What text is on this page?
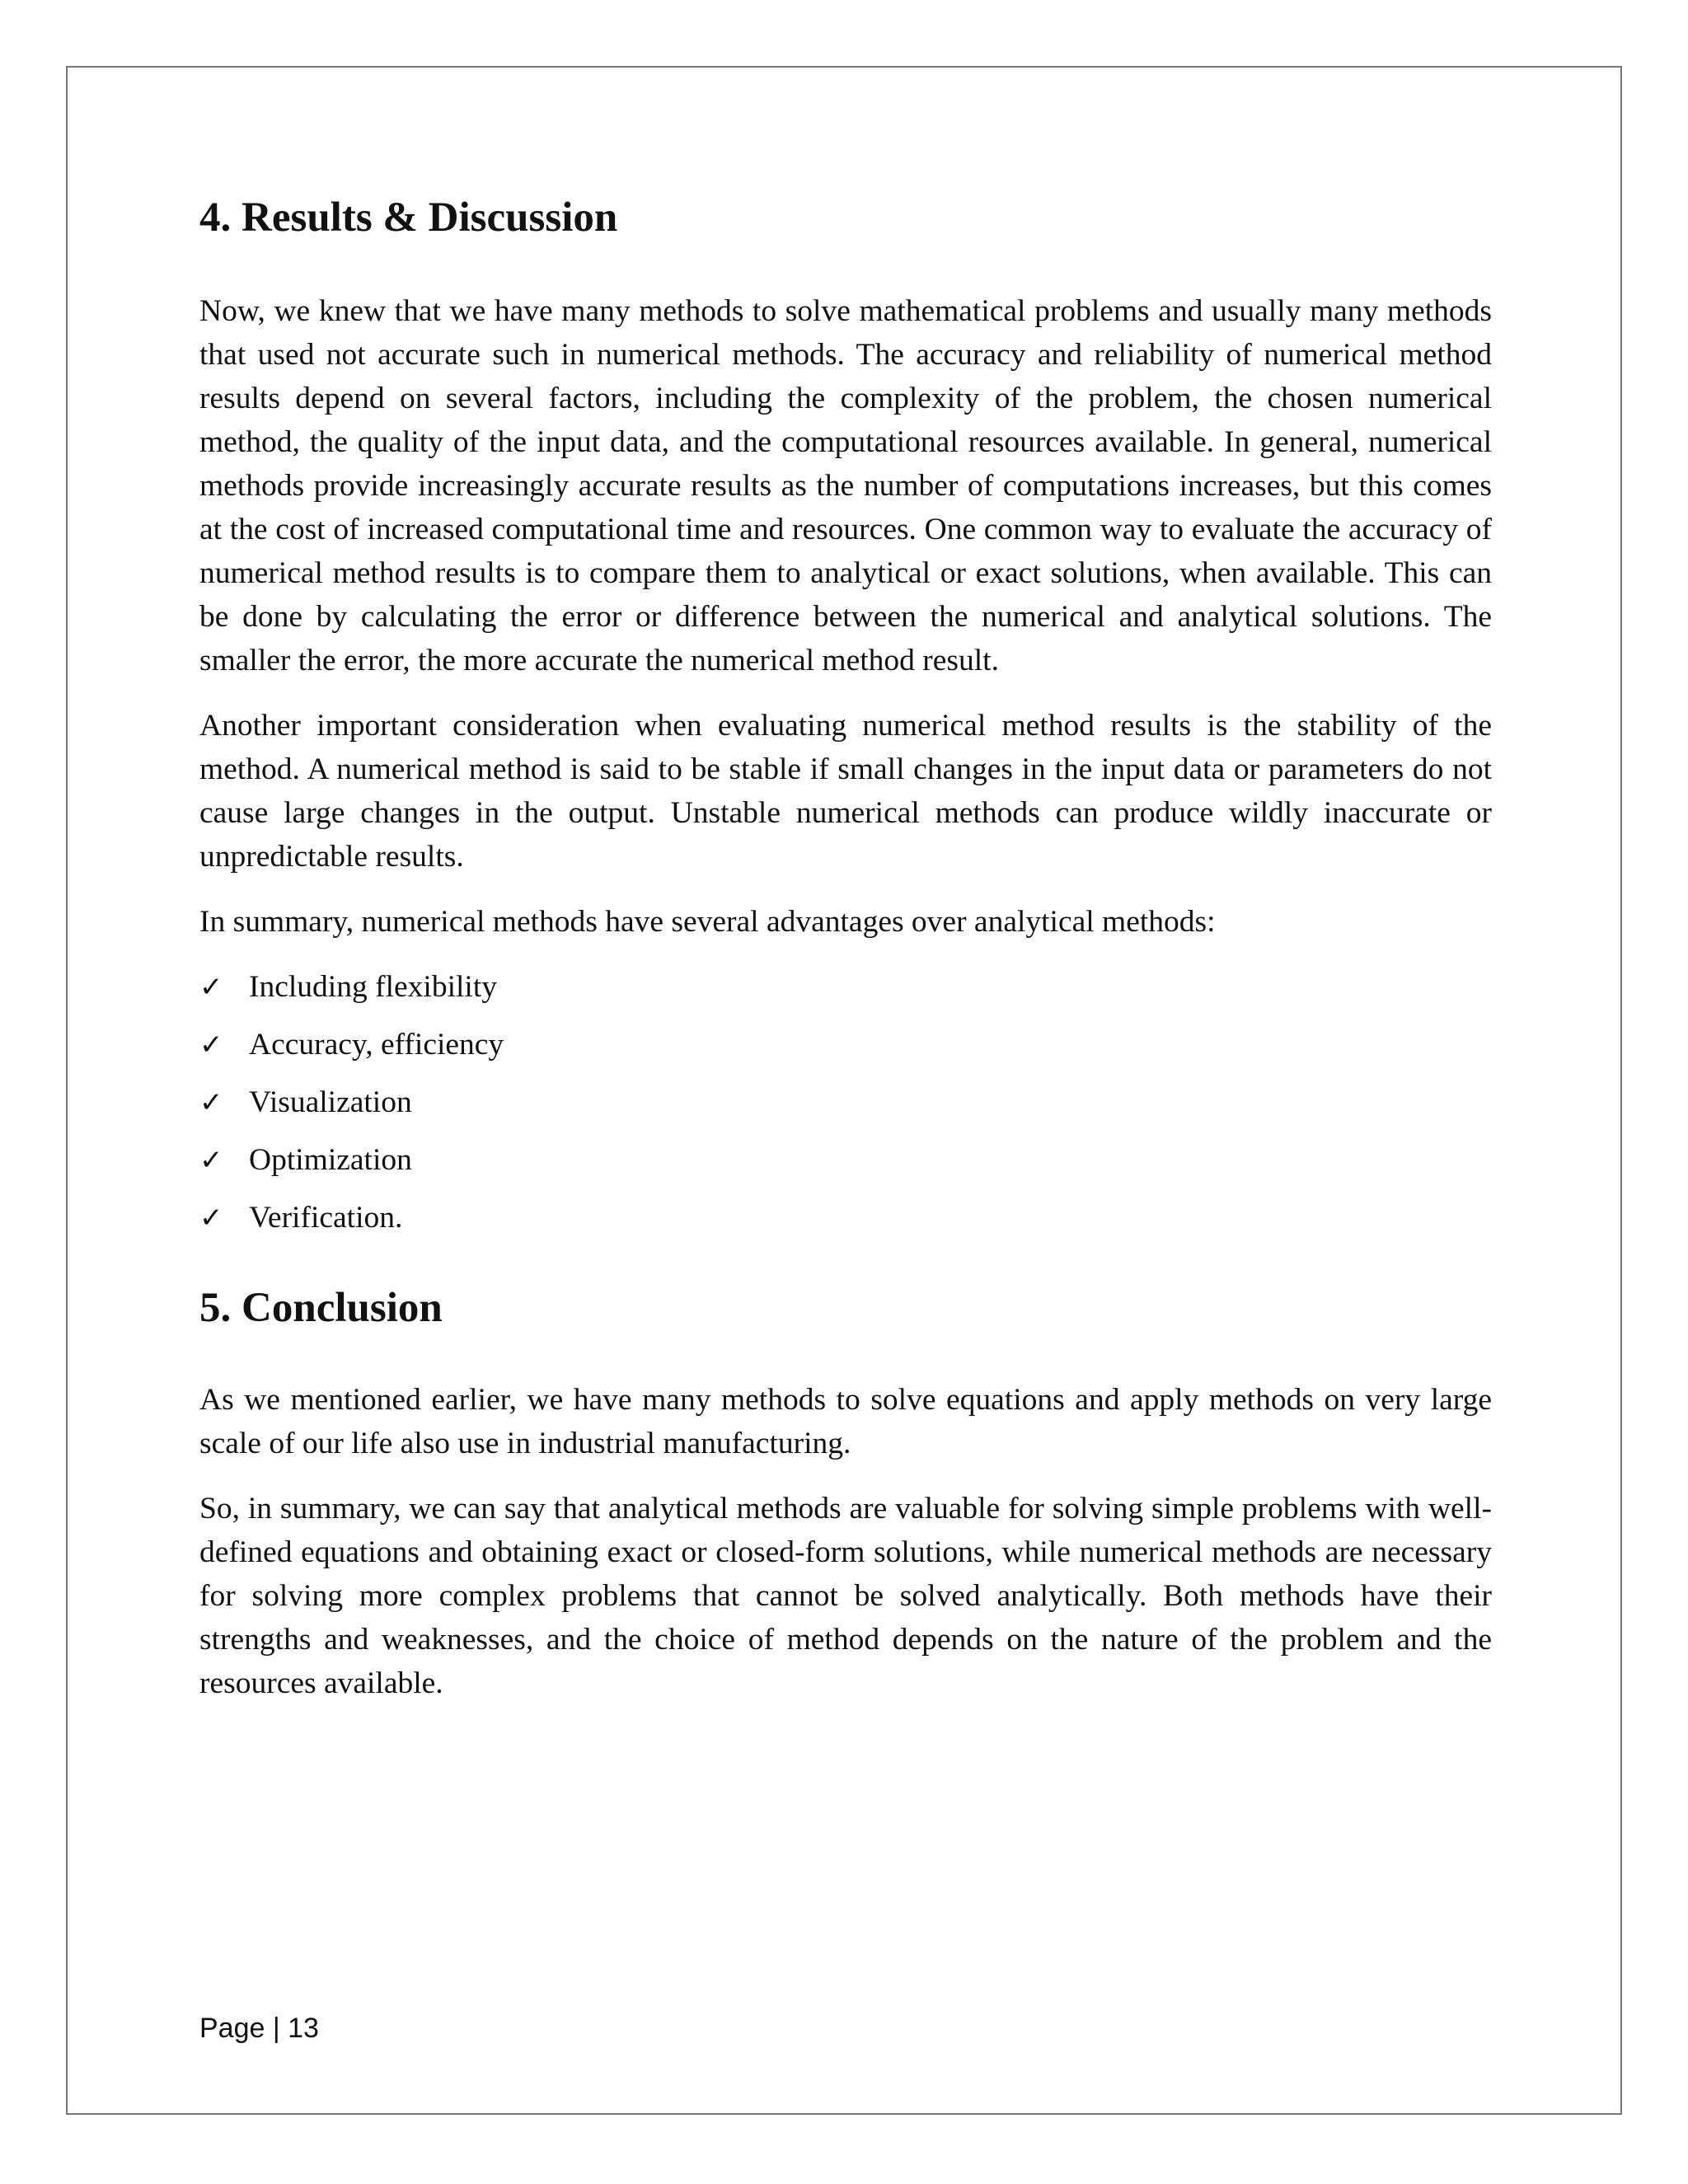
4. Results & Discussion

Now, we knew that we have many methods to solve mathematical problems and usually many methods that used not accurate such in numerical methods. The accuracy and reliability of numerical method results depend on several factors, including the complexity of the problem, the chosen numerical method, the quality of the input data, and the computational resources available. In general, numerical methods provide increasingly accurate results as the number of computations increases, but this comes at the cost of increased computational time and resources. One common way to evaluate the accuracy of numerical method results is to compare them to analytical or exact solutions, when available. This can be done by calculating the error or difference between the numerical and analytical solutions. The smaller the error, the more accurate the numerical method result.

Another important consideration when evaluating numerical method results is the stability of the method. A numerical method is said to be stable if small changes in the input data or parameters do not cause large changes in the output. Unstable numerical methods can produce wildly inaccurate or unpredictable results.

In summary, numerical methods have several advantages over analytical methods:

✓ Including flexibility
✓ Accuracy, efficiency
✓ Visualization
✓ Optimization
✓ Verification.
5. Conclusion

As we mentioned earlier, we have many methods to solve equations and apply methods on very large scale of our life also use in industrial manufacturing.

So, in summary, we can say that analytical methods are valuable for solving simple problems with well-defined equations and obtaining exact or closed-form solutions, while numerical methods are necessary for solving more complex problems that cannot be solved analytically. Both methods have their strengths and weaknesses, and the choice of method depends on the nature of the problem and the resources available.

Page | 13
